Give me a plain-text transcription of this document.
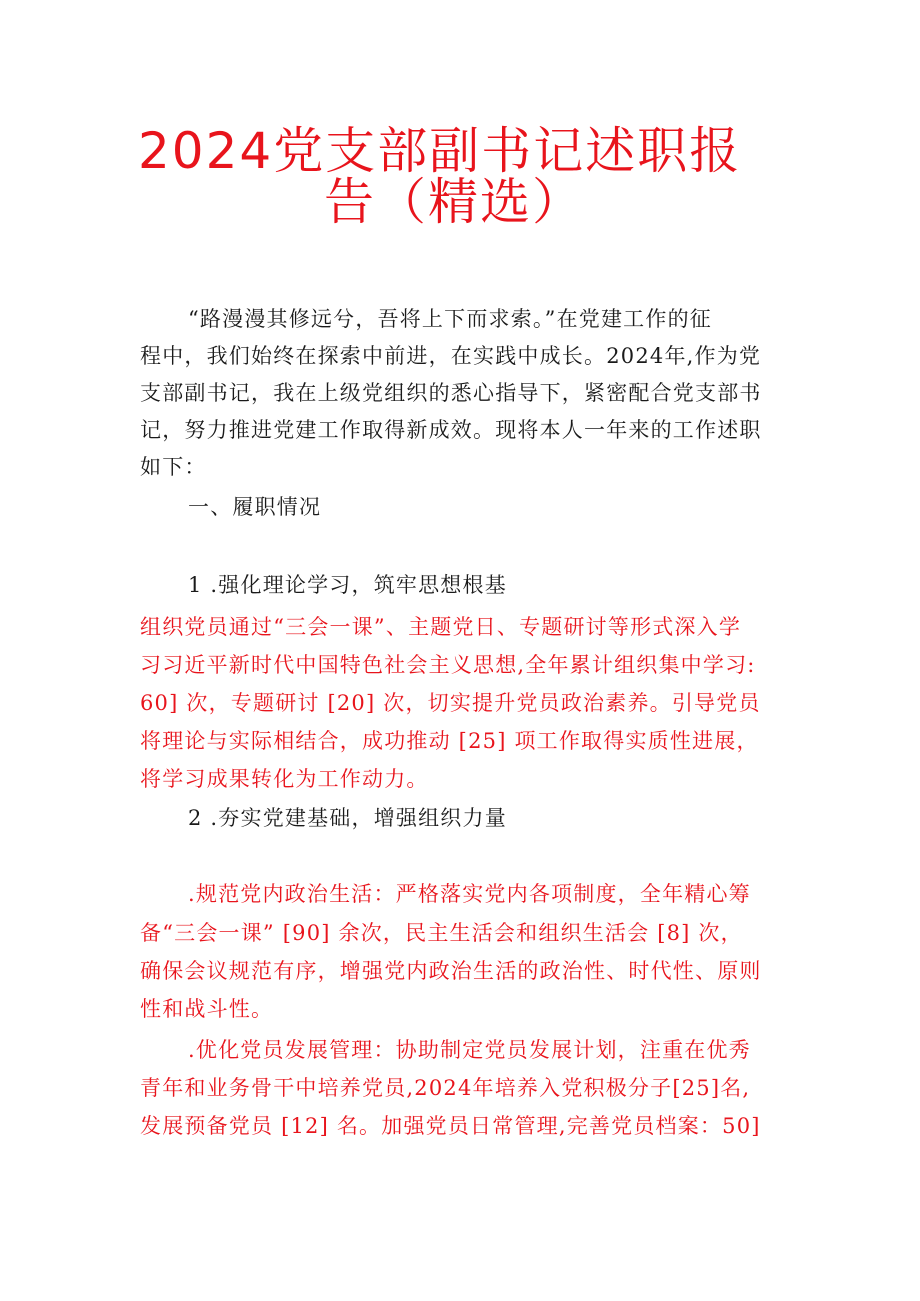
2024党支部副书记述职报
告（精选）
“路漫漫其修远兮，吾将上下而求索。”在党建工作的征
程中，我们始终在探索中前进，在实践中成长。2024年,作为党
支部副书记，我在上级党组织的悉心指导下，紧密配合党支部书
记，努力推进党建工作取得新成效。现将本人一年来的工作述职
如下：
一、履职情况
1 .强化理论学习，筑牢思想根基
组织党员通过“三会一课”、主题党日、专题研讨等形式深入学
习习近平新时代中国特色社会主义思想,全年累计组织集中学习:
60] 次，专题研讨 [20] 次，切实提升党员政治素养。引导党员
将理论与实际相结合，成功推动 [25] 项工作取得实质性进展，
将学习成果转化为工作动力。
2 .夯实党建基础，增强组织力量
.规范党内政治生活：严格落实党内各项制度，全年精心筹
备“三会一课” [90] 余次，民主生活会和组织生活会 [8] 次，
确保会议规范有序，增强党内政治生活的政治性、时代性、原则
性和战斗性。
.优化党员发展管理：协助制定党员发展计划，注重在优秀
青年和业务骨干中培养党员,2024年培养入党积极分子[25]名,
发展预备党员 [12] 名。加强党员日常管理,完善党员档案：50]
